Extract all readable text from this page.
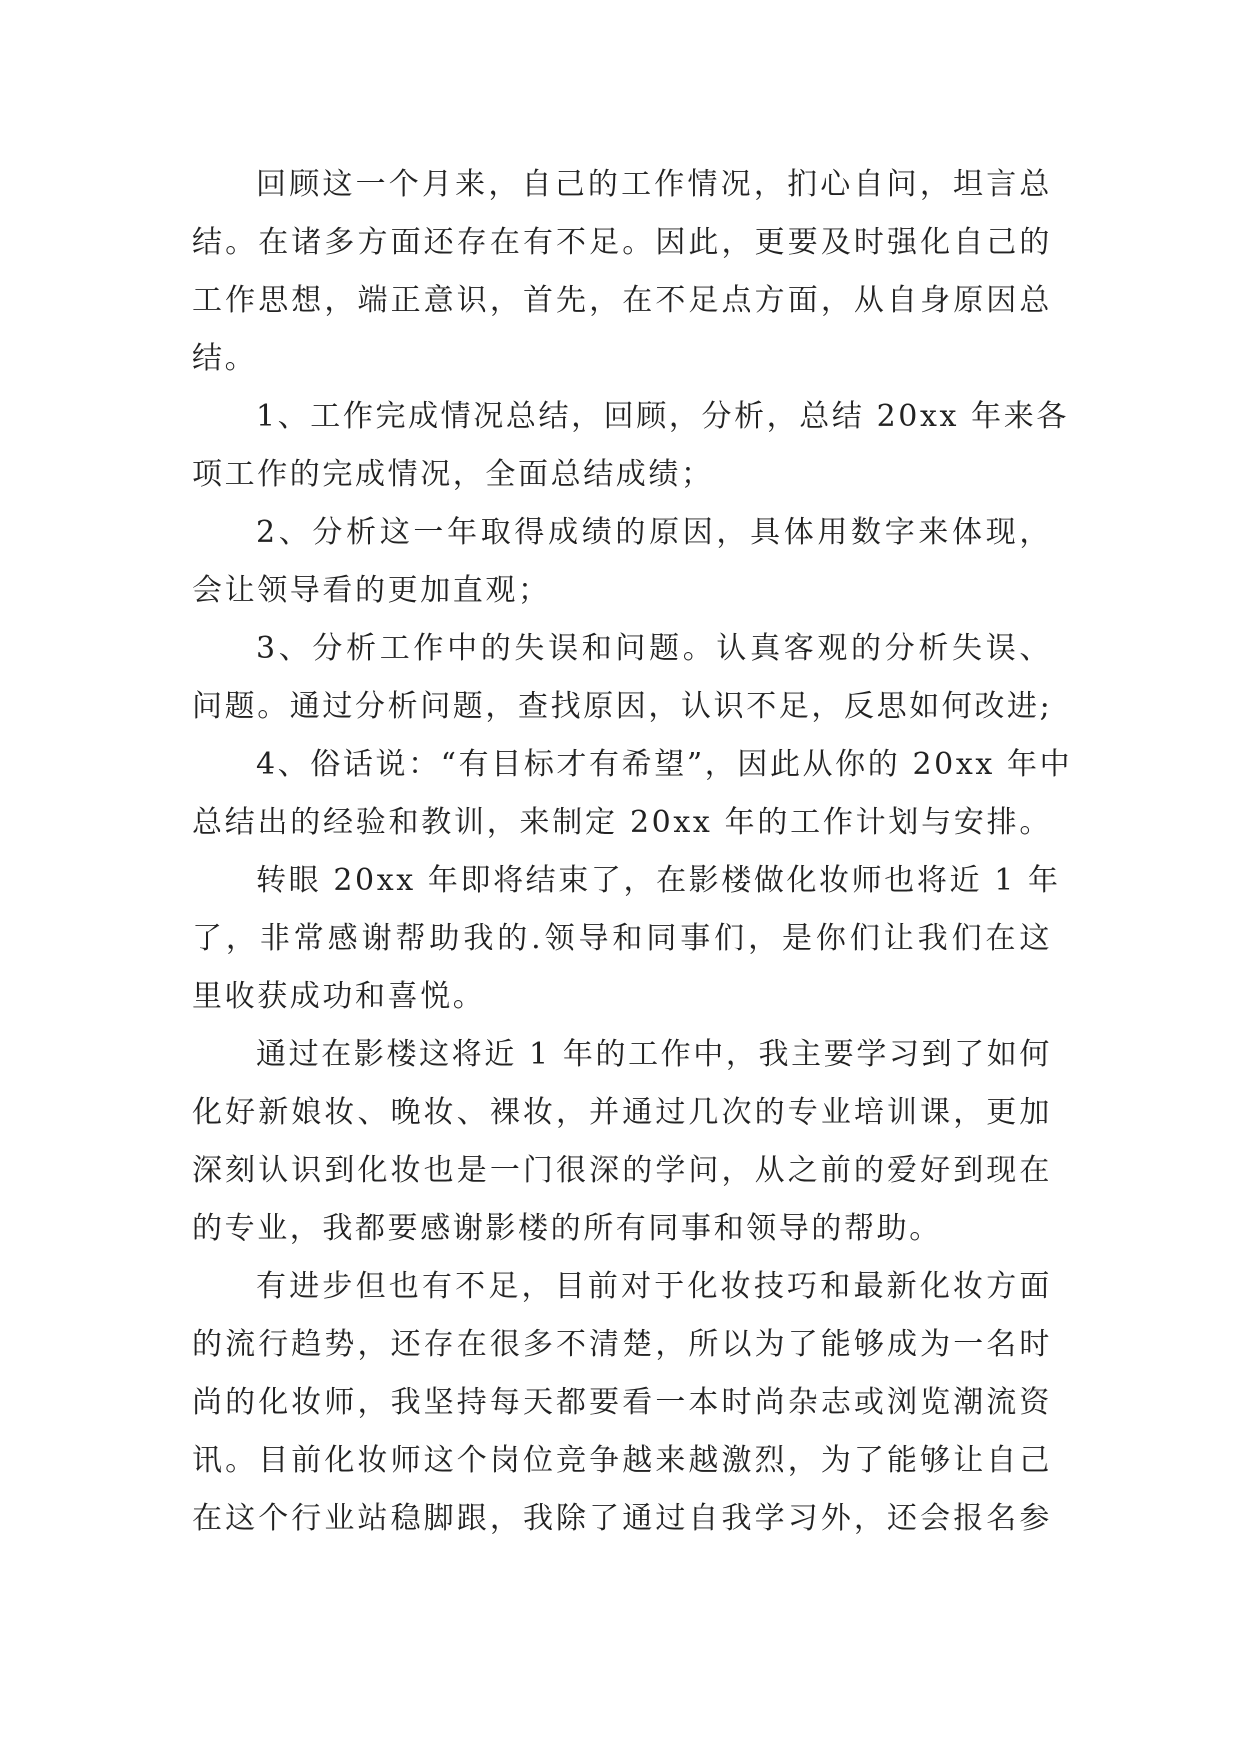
回顾这一个月来，自己的工作情况，扪心自问，坦言总
结。在诸多方面还存在有不足。因此，更要及时强化自己的
工作思想，端正意识，首先，在不足点方面，从自身原因总
结。
1、工作完成情况总结，回顾，分析，总结 20xx 年来各
项工作的完成情况，全面总结成绩；
2、分析这一年取得成绩的原因，具体用数字来体现，
会让领导看的更加直观；
3、分析工作中的失误和问题。认真客观的分析失误、
问题。通过分析问题，查找原因，认识不足，反思如何改进;
4、俗话说：“有目标才有希望”，因此从你的 20xx 年中
总结出的经验和教训，来制定 20xx 年的工作计划与安排。
转眼 20xx 年即将结束了，在影楼做化妆师也将近 1 年
了，非常感谢帮助我的.领导和同事们，是你们让我们在这
里收获成功和喜悦。
通过在影楼这将近 1 年的工作中，我主要学习到了如何
化好新娘妆、晚妆、裸妆，并通过几次的专业培训课，更加
深刻认识到化妆也是一门很深的学问，从之前的爱好到现在
的专业，我都要感谢影楼的所有同事和领导的帮助。
有进步但也有不足，目前对于化妆技巧和最新化妆方面
的流行趋势，还存在很多不清楚，所以为了能够成为一名时
尚的化妆师，我坚持每天都要看一本时尚杂志或浏览潮流资
讯。目前化妆师这个岗位竞争越来越激烈，为了能够让自己
在这个行业站稳脚跟，我除了通过自我学习外，还会报名参
